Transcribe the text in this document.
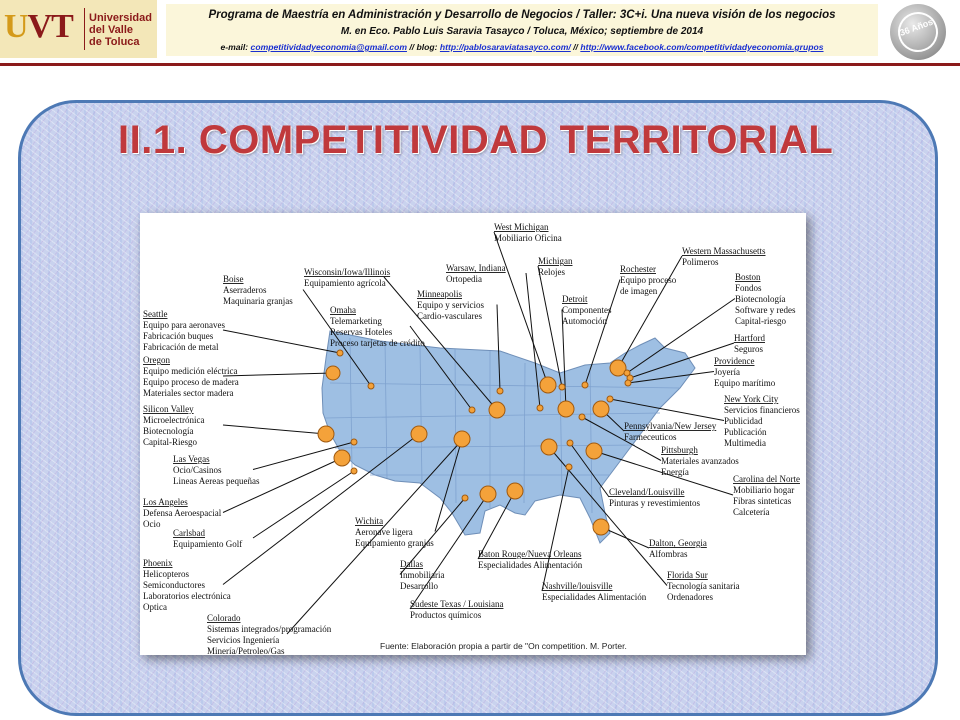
UVT Universidad
del Valle
de Toluca
Programa de Maestría en Administración y Desarrollo de Negocios / Taller: 3C+i. Una nueva visión de los negocios
M. en Eco. Pablo Luis Saravia Tasayco / Toluca, México; septiembre de 2014
e-mail: competitividadyeconomia@gmail.com // blog: http://pablosaraviatasayco.com/ // http://www.facebook.com/competitividadyeconomia.grupos
36 Años
II.1. COMPETITIVIDAD TERRITORIAL
Seattle
Equipo para aeronaves
Fabricación buques
Fabricación de metal
Oregon
Equipo medición eléctrica
Equipo proceso de madera
Materiales sector madera
Silicon Valley
Microelectrónica
Biotecnología
Capital-Riesgo
Las Vegas
Ocio/Casinos
Lineas Aereas pequeñas
Los Angeles
Defensa Aeroespacial
Ocio
Carlsbad
Equipamiento Golf
Phoenix
Helicopteros
Semiconductores
Laboratorios electrónica
Optica
Colorado
Sistemas integrados/programación
Servicios Ingeniería
Minería/Petroleo/Gas
Boise
Aserraderos
Maquinaria granjas
Omaha
Telemarketing
Reservas Hoteles
Proceso tarjetas de crédito
Wisconsin/Iowa/Illinois
Equipamiento agrícola
Minneapolis
Equipo y servicios
Cardio-vasculares
Warsaw, Indiana
Ortopedia
West Michigan
Mobiliario Oficina
Michigan
Relojes
Detroit
Componentes
Automoción
Rochester
Equipo proceso
de imagen
Western Massachusetts
Polimeros
Boston
Fondos
Biotecnología
Software y redes
Capital-riesgo
Hartford
Seguros
Providence
Joyería
Equipo marítimo
New York City
Servicios financieros
Publicidad
Publicación
Multimedia
Pennsylvania/New Jersey
Farmeceuticos
Pittsburgh
Materiales avanzados
Energía
Carolina del Norte
Mobiliario hogar
Fibras sinteticas
Calcetería
Cleveland/Louisville
Pinturas y revestimientos
Dalton, Georgia
Alfombras
Florida Sur
Tecnología sanitaria
Ordenadores
Nashville/louisville
Especialidades Alimentación
Baton Rouge/Nueva Orleans
Especialidades Alimentación
Sudeste Texas / Louisiana
Productos químicos
Dallas
Inmobiliaria
Desarrollo
Wichita
Aeronave ligera
Equipamiento granjas
Fuente: Elaboración propia a partir de "On competition. M. Porter.
